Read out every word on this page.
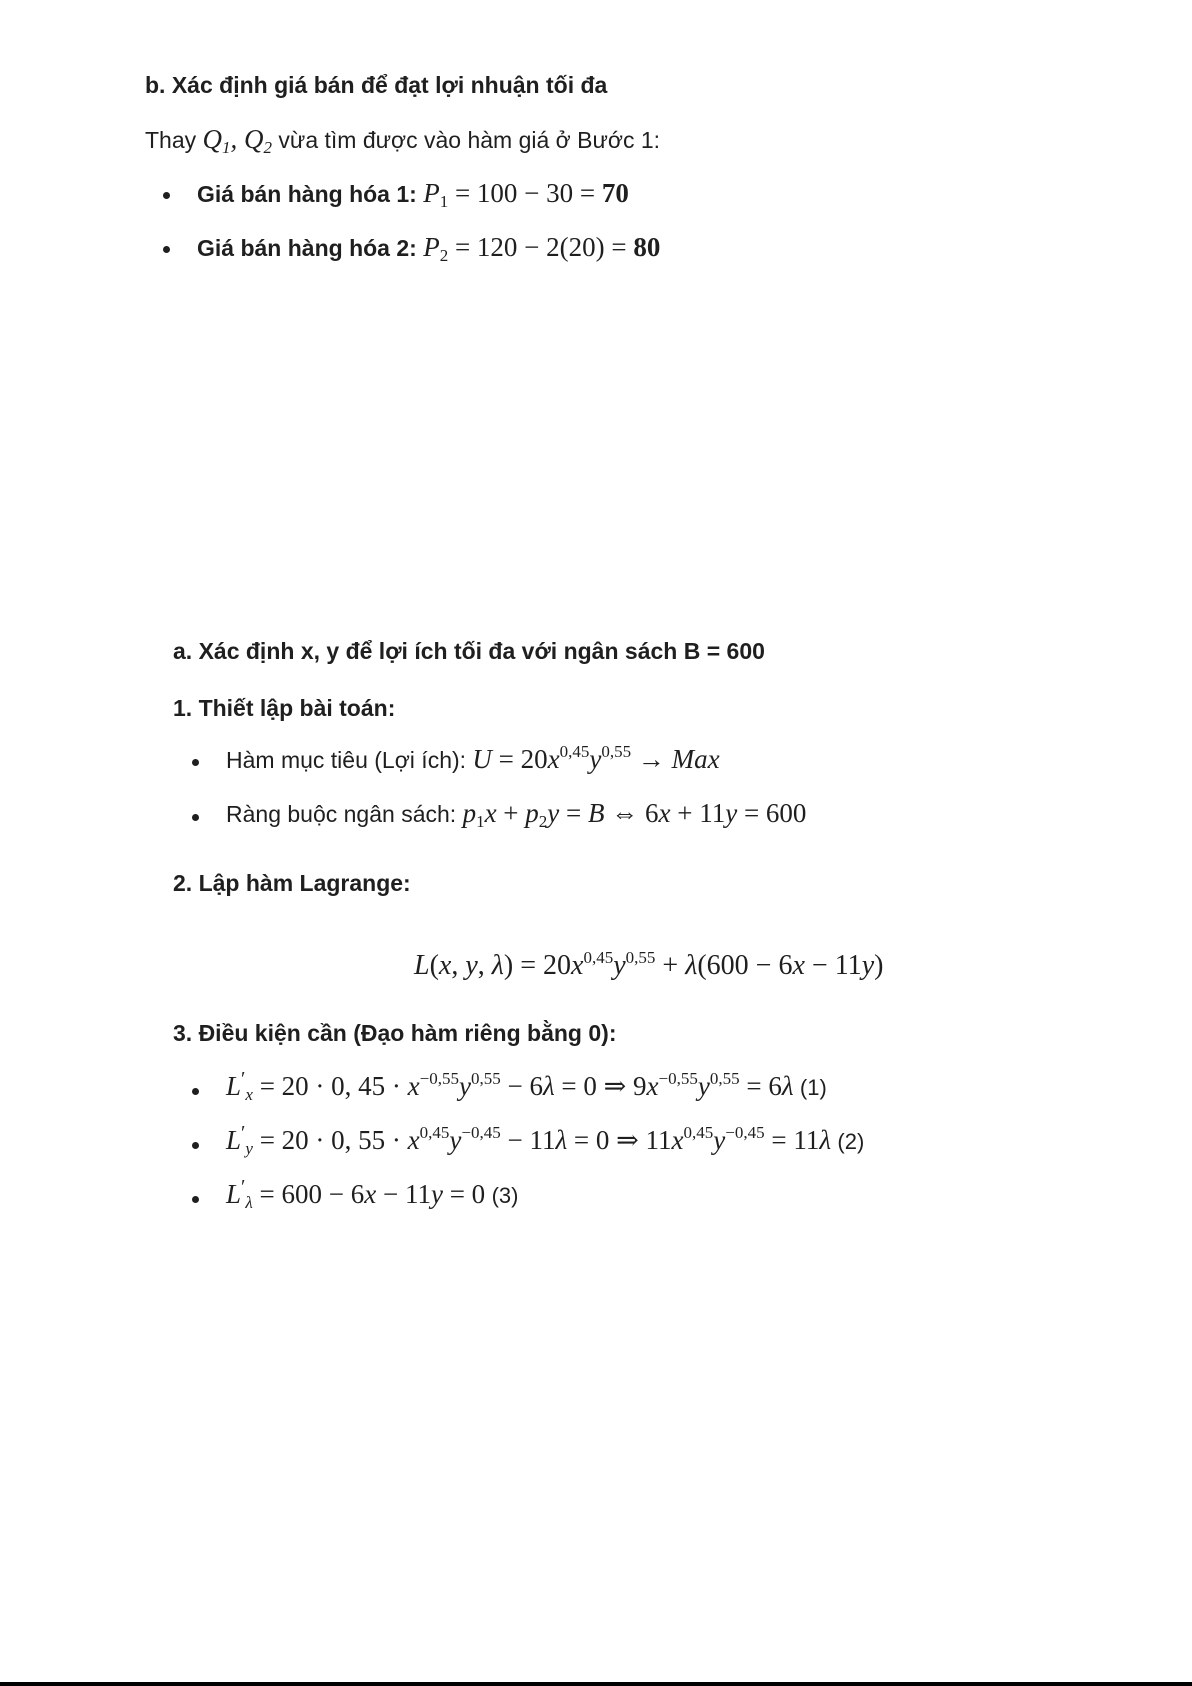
b. Xác định giá bán để đạt lợi nhuận tối đa
Thay $Q_1$, $Q_2$ vừa tìm được vào hàm giá ở Bước 1:
Giá bán hàng hóa 1: $P_1 = 100 - 30 = 70$
Giá bán hàng hóa 2: $P_2 = 120 - 2(20) = 80$
a. Xác định x, y để lợi ích tối đa với ngân sách B = 600
1. Thiết lập bài toán:
Hàm mục tiêu (Lợi ích): $U = 20x^{0,45}y^{0,55}$ → Max
Ràng buộc ngân sách: $p_1x + p_2y = B$ ⇔ 6x + 11y = 600
2. Lập hàm Lagrange:
L(x, y, $\lambda) = 20x^{0,45}y^{0,55} + \lambda(600 - 6x - 11y)$
3. Điều kiện cần (Đạo hàm riêng bằng 0):
$L'_x = 20 \cdot 0$, $45 \cdot x^{-0,55}y^{0,55} - 6\lambda = 0$ ⇒ $9x^{-0,55}y^{0,55} = 6\lambda$ (1)
$L'_y = 20 \cdot 0$, $55 \cdot x^{0,45}y^{-0,45} - 11\lambda = 0$ ⇒ $11x^{0,45}y^{-0,45} = 11\lambda$ (2)
$L'_\lambda = 600 - 6x - 11y = 0$ (3)
